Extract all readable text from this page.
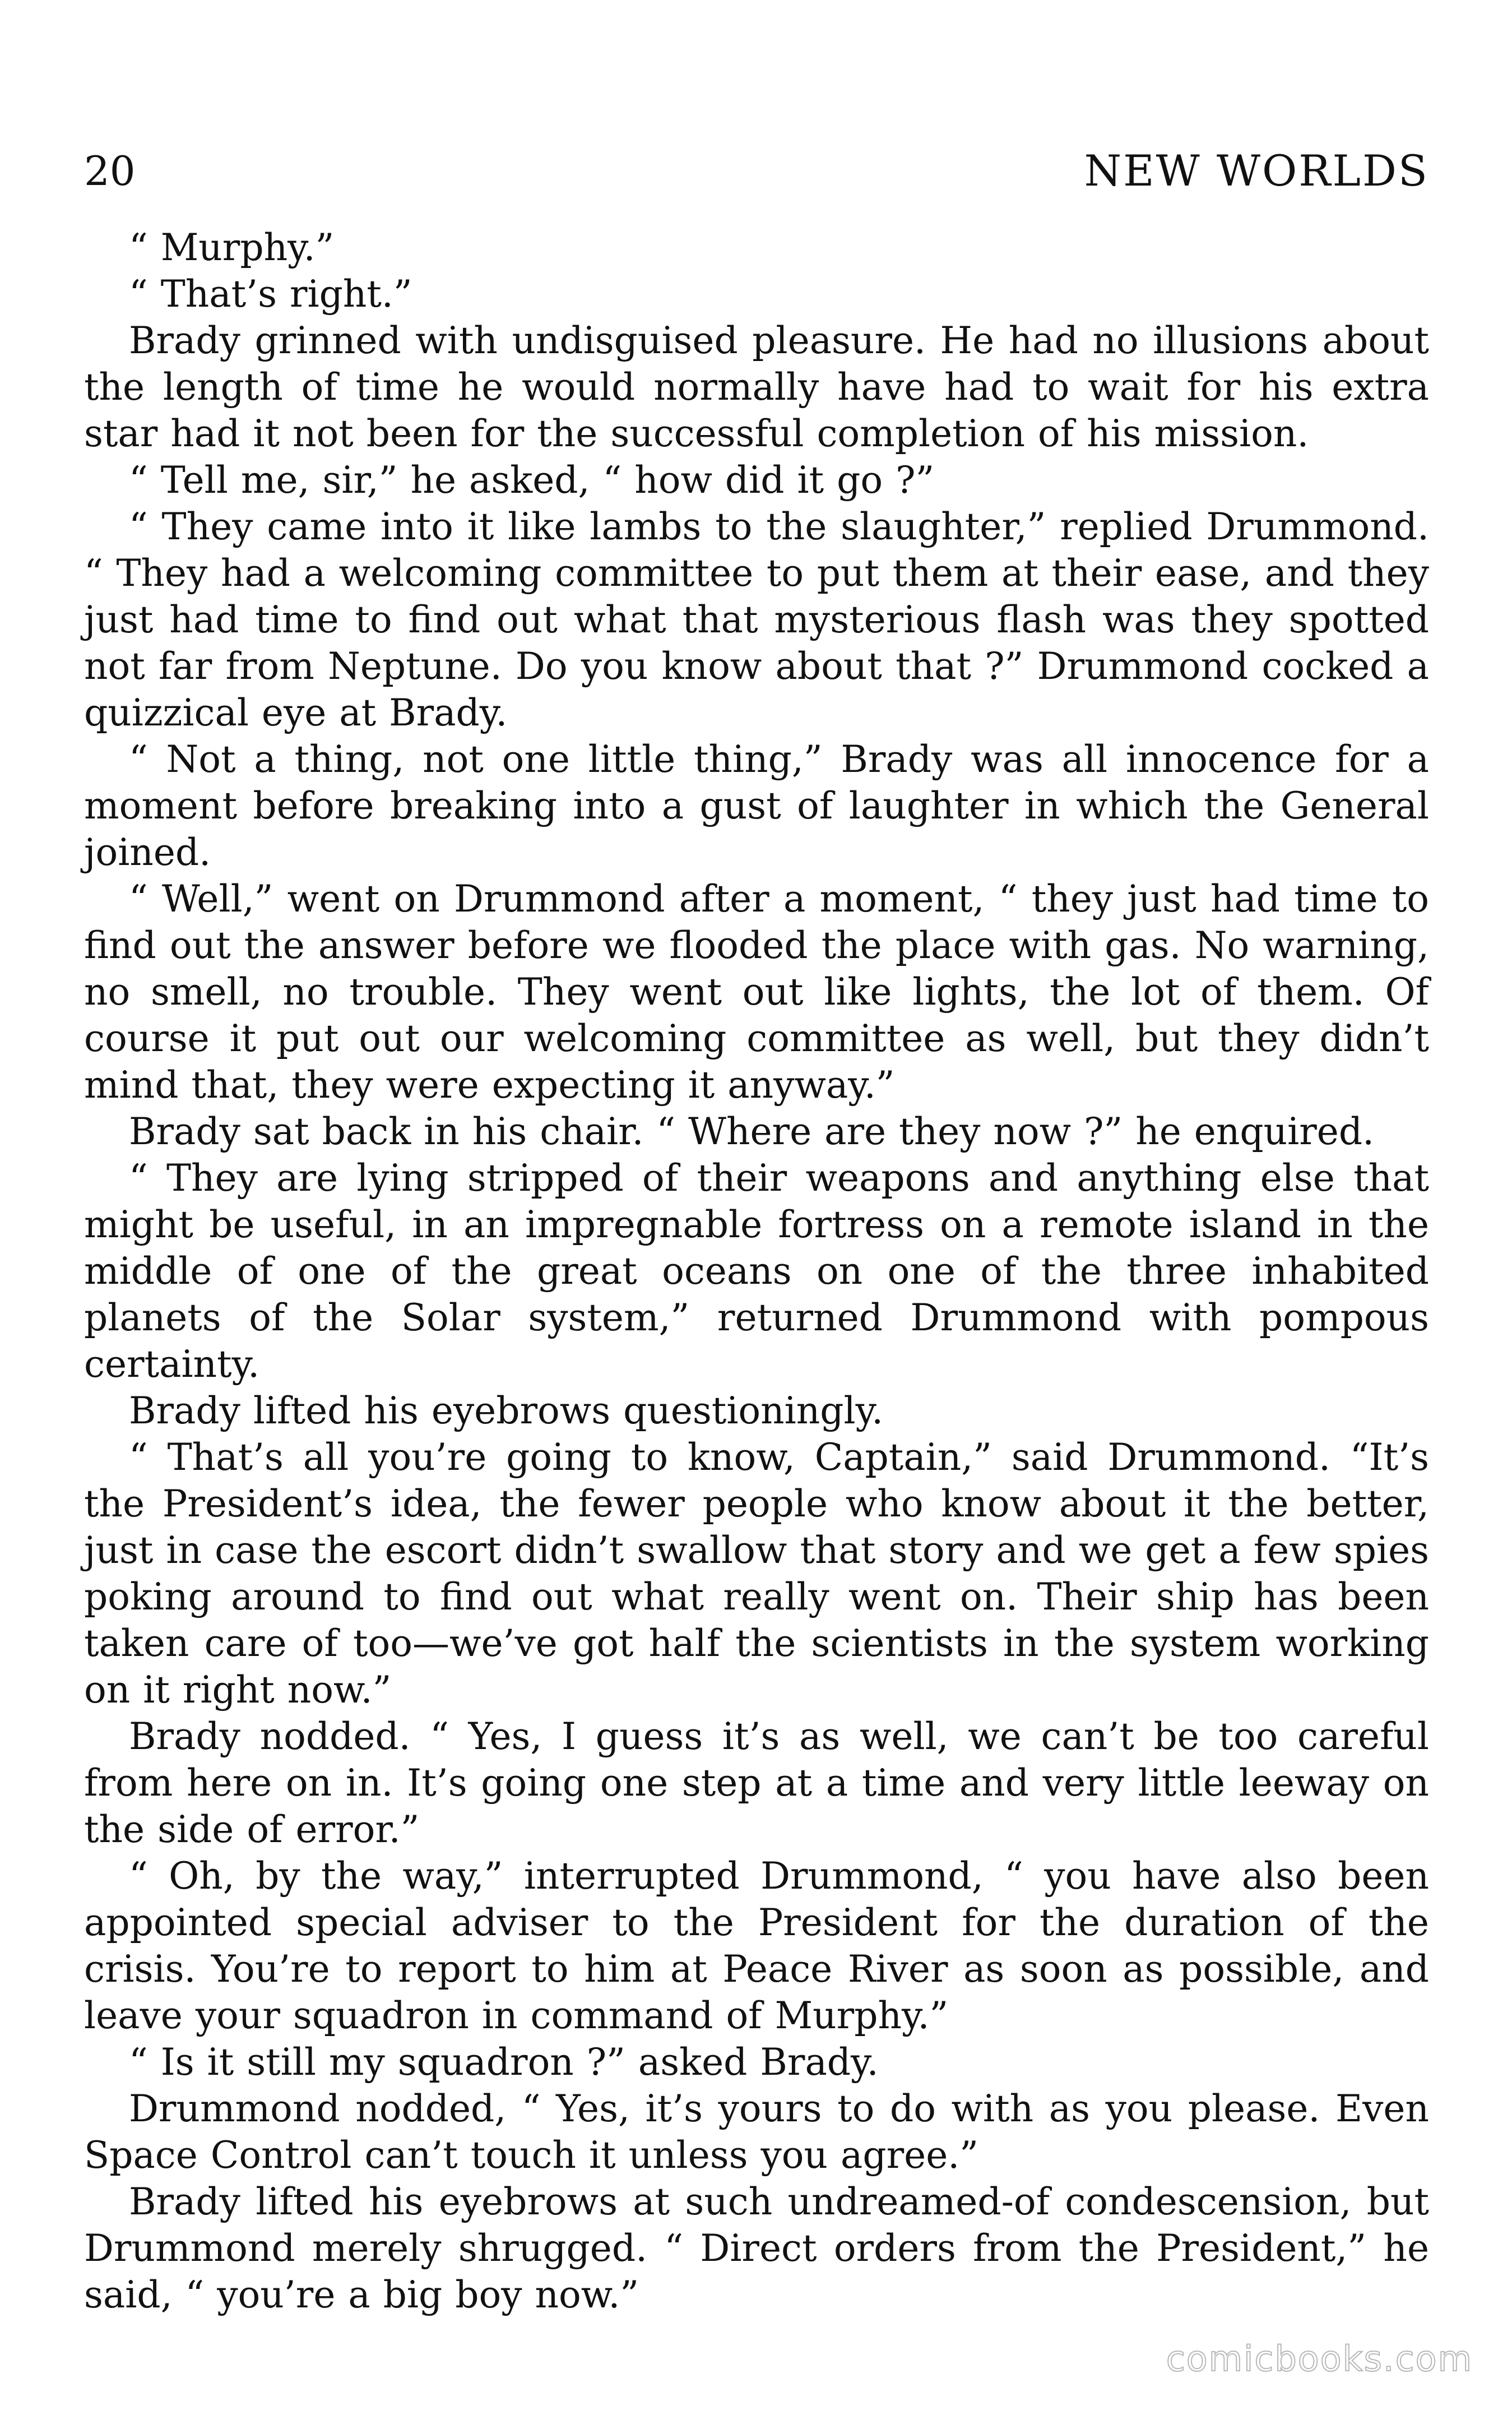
20	NEW WORLDS

“ Murphy.”

“ That’s right.”

Brady grinned with undisguised pleasure. He had no illusions about the length of time he would normally have had to wait for his extra star had it not been for the successful completion of his mission.

“ Tell me, sir,” he asked, “ how did it go ?”

“ They came into it like lambs to the slaughter,” replied Drummond. “ They had a welcoming committee to put them at their ease, and they just had time to find out what that mysterious flash was they spotted not far from Neptune. Do you know about that ?” Drummond cocked a quizzical eye at Brady.

“ Not a thing, not one little thing,” Brady was all innocence for a moment before breaking into a gust of laughter in which the General joined.

“ Well,” went on Drummond after a moment, “ they just had time to find out the answer before we flooded the place with gas. No warning, no smell, no trouble. They went out like lights, the lot of them. Of course it put out our welcoming committee as well, but they didn’t mind that, they were expecting it anyway.”

Brady sat back in his chair. “ Where are they now ?” he enquired.

“ They are lying stripped of their weapons and anything else that might be useful, in an impregnable fortress on a remote island in the middle of one of the great oceans on one of the three inhabited planets of the Solar system,” returned Drummond with pompous certainty.

Brady lifted his eyebrows questioningly.

“ That’s all you’re going to know, Captain,” said Drummond. “It’s the President’s idea, the fewer people who know about it the better, just in case the escort didn’t swallow that story and we get a few spies poking around to find out what really went on. Their ship has been taken care of too—we’ve got half the scientists in the system working on it right now.”

Brady nodded. “ Yes, I guess it’s as well, we can’t be too careful from here on in. It’s going one step at a time and very little leeway on the side of error.”

“ Oh, by the way,” interrupted Drummond, “ you have also been appointed special adviser to the President for the duration of the crisis. You’re to report to him at Peace River as soon as possible, and leave your squadron in command of Murphy.”

“ Is it still my squadron ?” asked Brady.

Drummond nodded, “ Yes, it’s yours to do with as you please. Even Space Control can’t touch it unless you agree.”

Brady lifted his eyebrows at such undreamed-of condescension, but Drummond merely shrugged. “ Direct orders from the President,” he said, “ you’re a big boy now.”

comicbooks.com
